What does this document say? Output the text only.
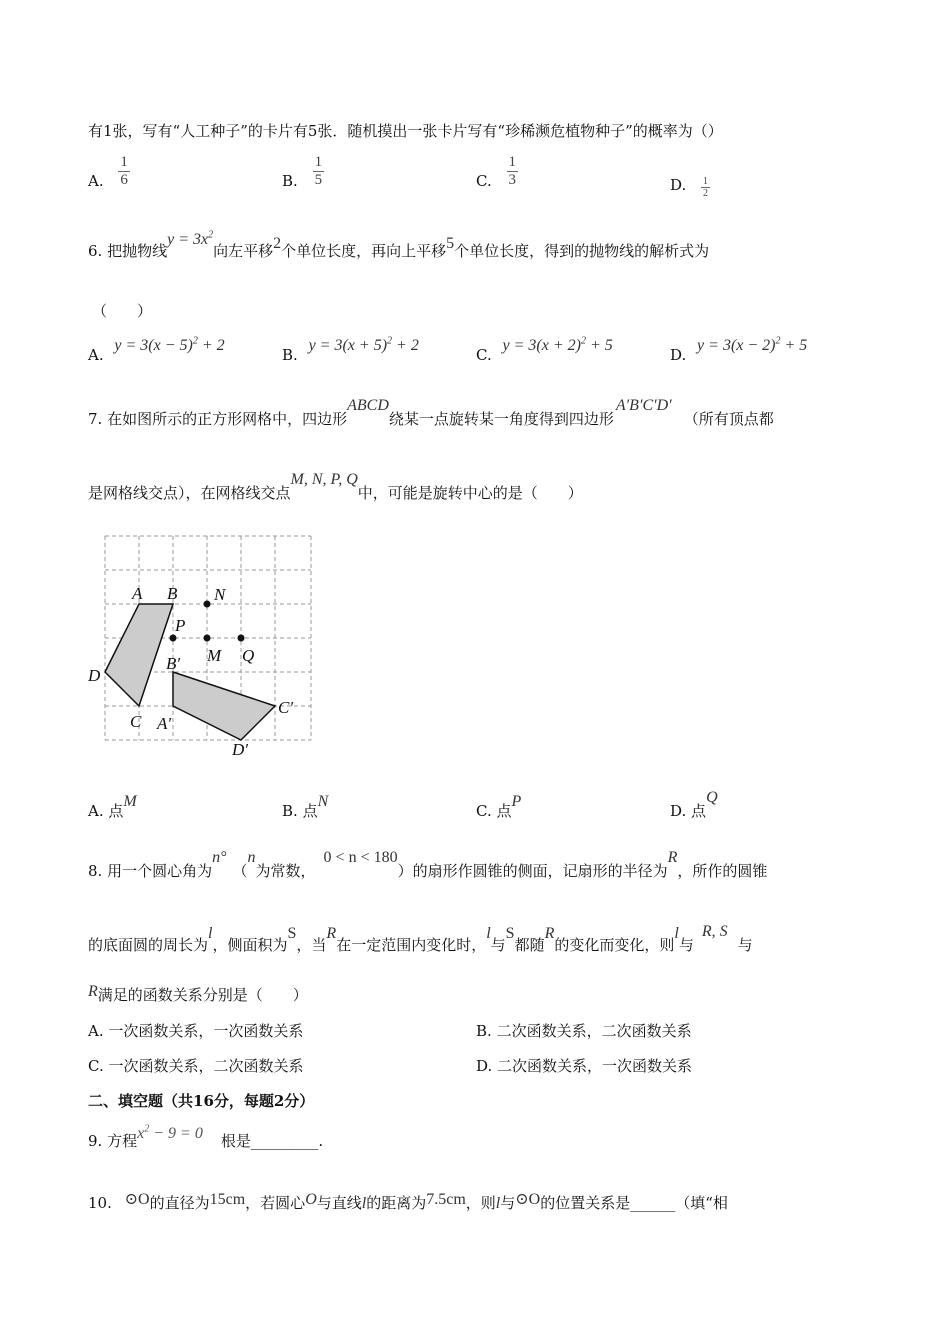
有1张，写有“人工种子”的卡片有5张．随机摸出一张卡片写有“珍稀濒危植物种子”的概率为（）
A. $\frac{1}{6}$	B. $\frac{1}{5}$	C. $\frac{1}{3}$	D. $\frac{1}{2}$
6. 把抛物线$y = 3x^2$向左平移2个单位长度，再向上平移5个单位长度，得到的抛物线的解析式为
（　　）
A. $y = 3(x - 5)^2 + 2$
B. $y = 3(x + 5)^2 + 2$
C. $y = 3(x + 2)^2 + 5$
D. $y = 3(x - 2)^2 + 5$
7. 在如图所示的正方形网格中，四边形ABCD绕某一点旋转某一角度得到四边形A′B′C′D′（所有顶点都
是网格线交点），在网格线交点M, N, P, Q中，可能是旋转中心的是（　　）
A B
D
C
N
P
M Q
B′
A′
C′
D′
A. 点M
B. 点N
C. 点P
D. 点Q
8. 用一个圆心角为n°（n为常数，0 < n < 180）的扇形作圆锥的侧面，记扇形的半径为R，所作的圆锥
的底面圆的周长为l，侧面积为S，当R在一定范围内变化时，l与S都随R的变化而变化，则l与R, S与
R满足的函数关系分别是（　　）
A. 一次函数关系，一次函数关系	B. 二次函数关系，二次函数关系
C. 一次函数关系，二次函数关系	D. 二次函数关系，一次函数关系
二、填空题（共16分，每题2分）
9. 方程$x^2 - 9 = 0$ 根是_________.
10. ⊙O的直径为15cm，若圆心O与直线l的距离为7.5cm，则l与⊙O的位置关系是______（填“相
